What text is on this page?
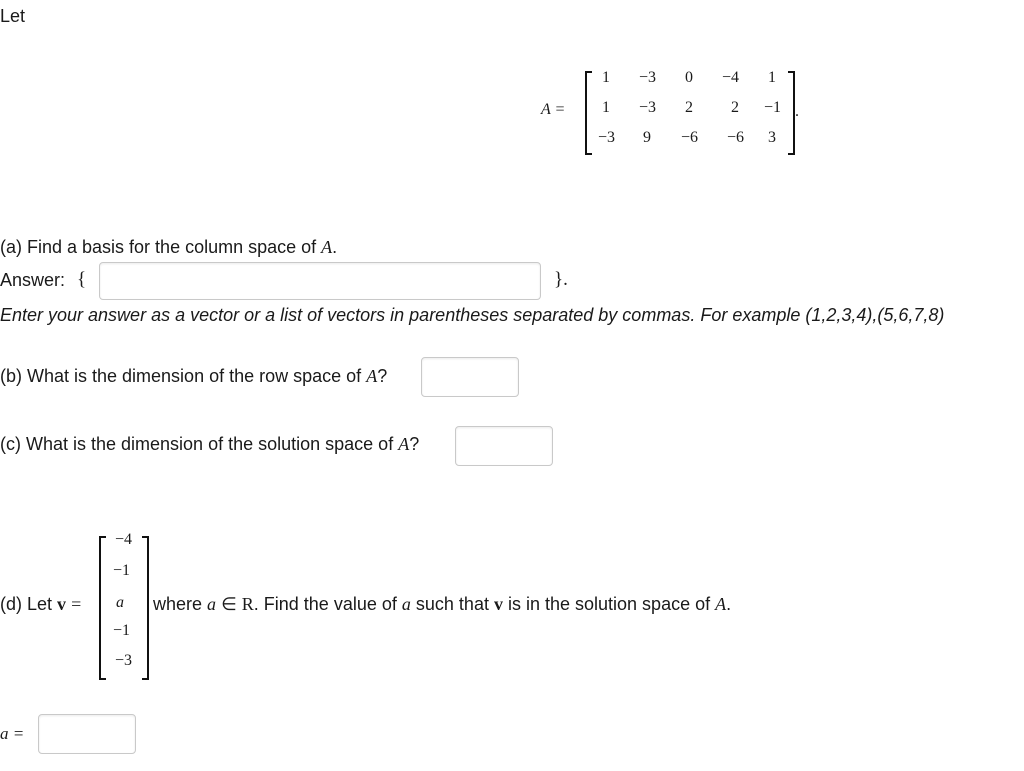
Let
A =
1	−3	0	−4	1
1	−3	2	2	−1
−3	9	−6	−6	3
.
(a) Find a basis for the column space of A.
Answer: {	}.
Enter your answer as a vector or a list of vectors in parentheses separated by commas. For example (1,2,3,4),(5,6,7,8)
(b) What is the dimension of the row space of A?
(c) What is the dimension of the solution space of A?
(d) Let v =
−4
−1
a
−1
−3
where a ∈ R. Find the value of a such that v is in the solution space of A.
a =
